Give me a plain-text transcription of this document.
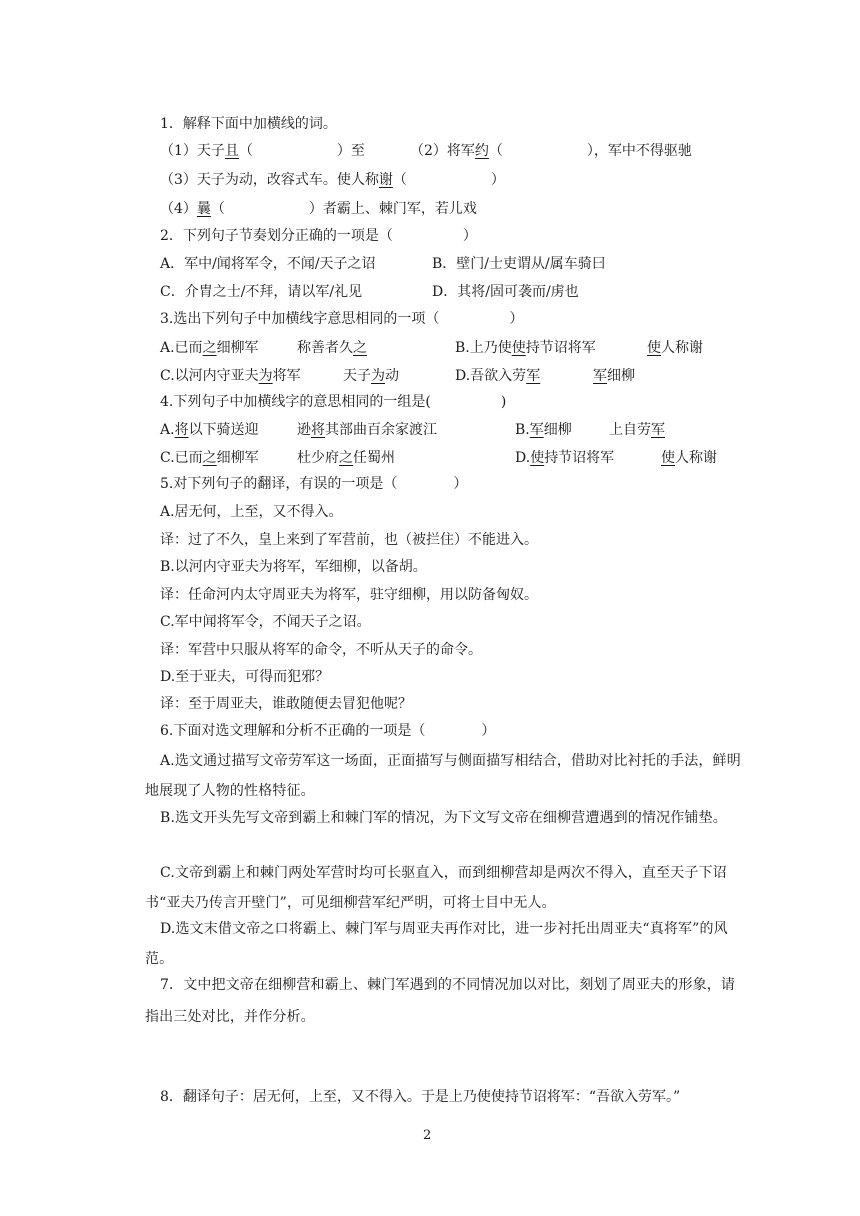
1．解释下面中加横线的词。
（1）天子且（　　　　　　）至	（2）将军约（　　　　　　），军中不得驱驰
（3）天子为动，改容式车。使人称谢（　　　　　　）
（4）曩（　　　　　　）者霸上、棘门军，若儿戏
2．下列句子节奏划分正确的一项是（　　　　　）
A．军中/闻将军令，不闻/天子之诏	B．壁门/士吏谓从/属车骑曰
C．介胄之士/不拜，请以军/礼见	D．其将/固可袭而/虏也
3.选出下列句子中加横线字意思相同的一项（　　　　　）
A.已而之细柳军	称善者久之	B.上乃使使持节诏将军	使人称谢
C.以河内守亚夫为将军	天子为动	D.吾欲入劳军	军细柳
4.下列句子中加横线字的意思相同的一组是(　　　　　)
A.将以下骑送迎	逊将其部曲百余家渡江	B.军细柳	上自劳军
C.已而之细柳军	杜少府之任蜀州	D.使持节诏将军	使人称谢
5.对下列句子的翻译，有误的一项是（　　　　）
A.居无何，上至，又不得入。
译：过了不久，皇上来到了军营前，也（被拦住）不能进入。
B.以河内守亚夫为将军，军细柳，以备胡。
译：任命河内太守周亚夫为将军，驻守细柳，用以防备匈奴。
C.军中闻将军令，不闻天子之诏。
译：军营中只服从将军的命令，不听从天子的命令。
D.至于亚夫，可得而犯邪？
译：至于周亚夫，谁敢随便去冒犯他呢？
6.下面对选文理解和分析不正确的一项是（　　　　）
A.选文通过描写文帝劳军这一场面，正面描写与侧面描写相结合，借助对比衬托的手法，鲜明地展现了人物的性格特征。
B.选文开头先写文帝到霸上和棘门军的情况，为下文写文帝在细柳营遭遇到的情况作铺垫。
C.文帝到霸上和棘门两处军营时均可长驱直入，而到细柳营却是两次不得入，直至天子下诏书“亚夫乃传言开壁门”，可见细柳营军纪严明，可将士目中无人。
D.选文末借文帝之口将霸上、棘门军与周亚夫再作对比，进一步衬托出周亚夫“真将军”的风范。
7．文中把文帝在细柳营和霸上、棘门军遇到的不同情况加以对比，刻划了周亚夫的形象，请指出三处对比，并作分析。
8．翻译句子：居无何，上至，又不得入。于是上乃使使持节诏将军：“吾欲入劳军。”
2
